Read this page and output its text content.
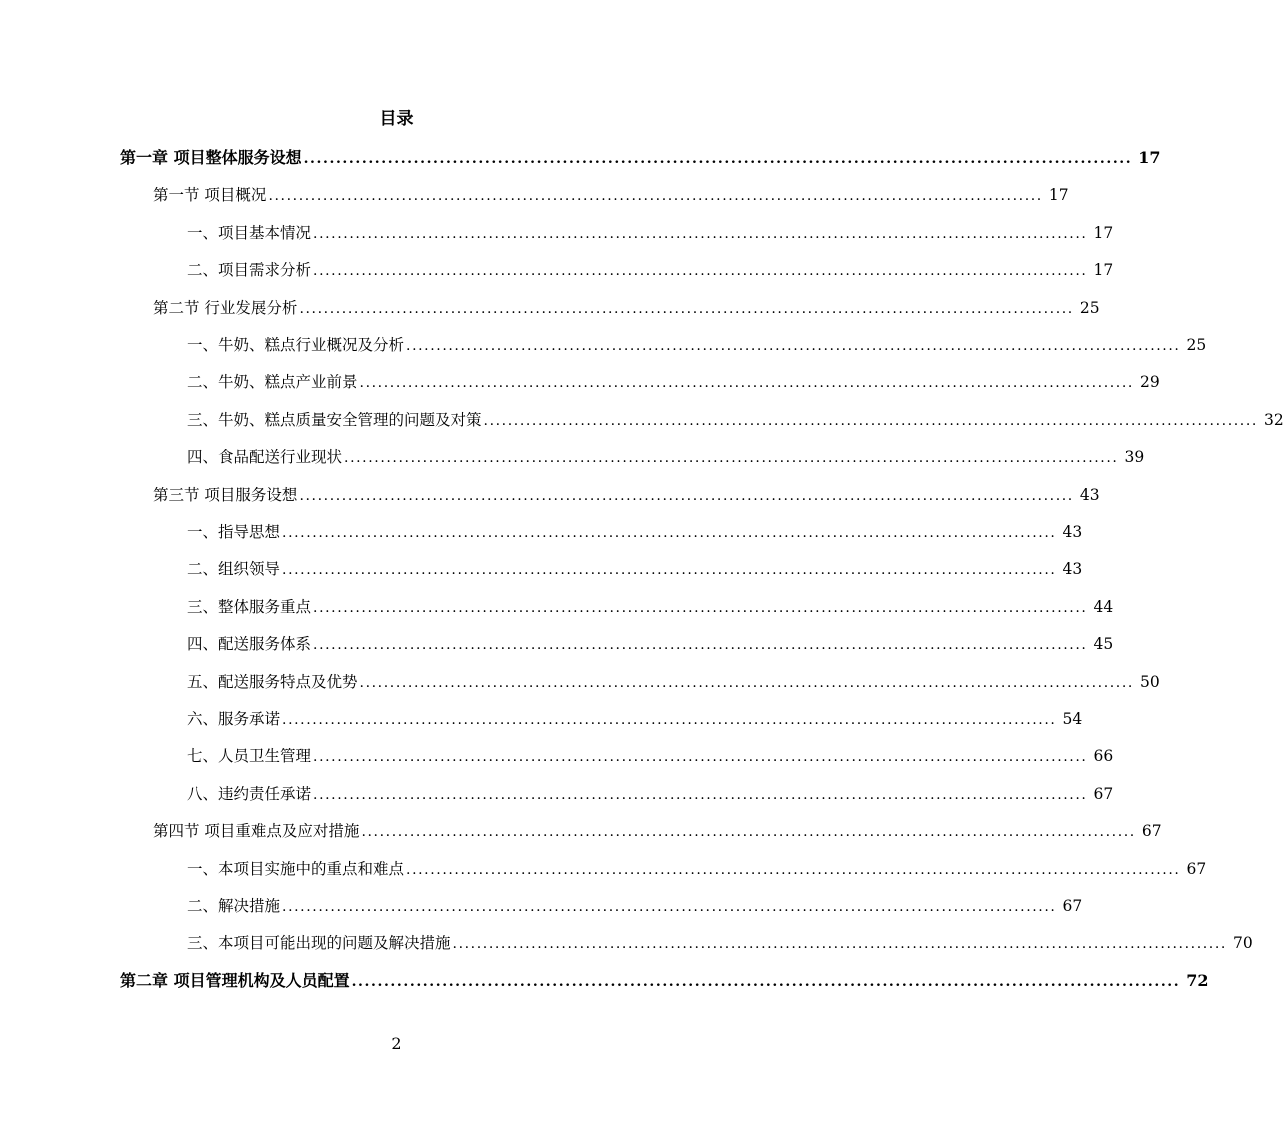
目录
第一章 项目整体服务设想 ................................................................................................................................ 17
第一节 项目概况 ................................................................................................................................ 17
一、项目基本情况 ................................................................................................................................ 17
二、项目需求分析 ................................................................................................................................ 17
第二节 行业发展分析 ................................................................................................................................ 25
一、牛奶、糕点行业概况及分析 ................................................................................................................................ 25
二、牛奶、糕点产业前景 ................................................................................................................................ 29
三、牛奶、糕点质量安全管理的问题及对策 ................................................................................................................................ 32
四、食品配送行业现状 ................................................................................................................................ 39
第三节 项目服务设想 ................................................................................................................................ 43
一、指导思想 ................................................................................................................................ 43
二、组织领导 ................................................................................................................................ 43
三、整体服务重点 ................................................................................................................................ 44
四、配送服务体系 ................................................................................................................................ 45
五、配送服务特点及优势 ................................................................................................................................ 50
六、服务承诺 ................................................................................................................................ 54
七、人员卫生管理 ................................................................................................................................ 66
八、违约责任承诺 ................................................................................................................................ 67
第四节 项目重难点及应对措施 ................................................................................................................................ 67
一、本项目实施中的重点和难点 ................................................................................................................................ 67
二、解决措施 ................................................................................................................................ 67
三、本项目可能出现的问题及解决措施 ................................................................................................................................ 70
第二章 项目管理机构及人员配置 ................................................................................................................................ 72
2
